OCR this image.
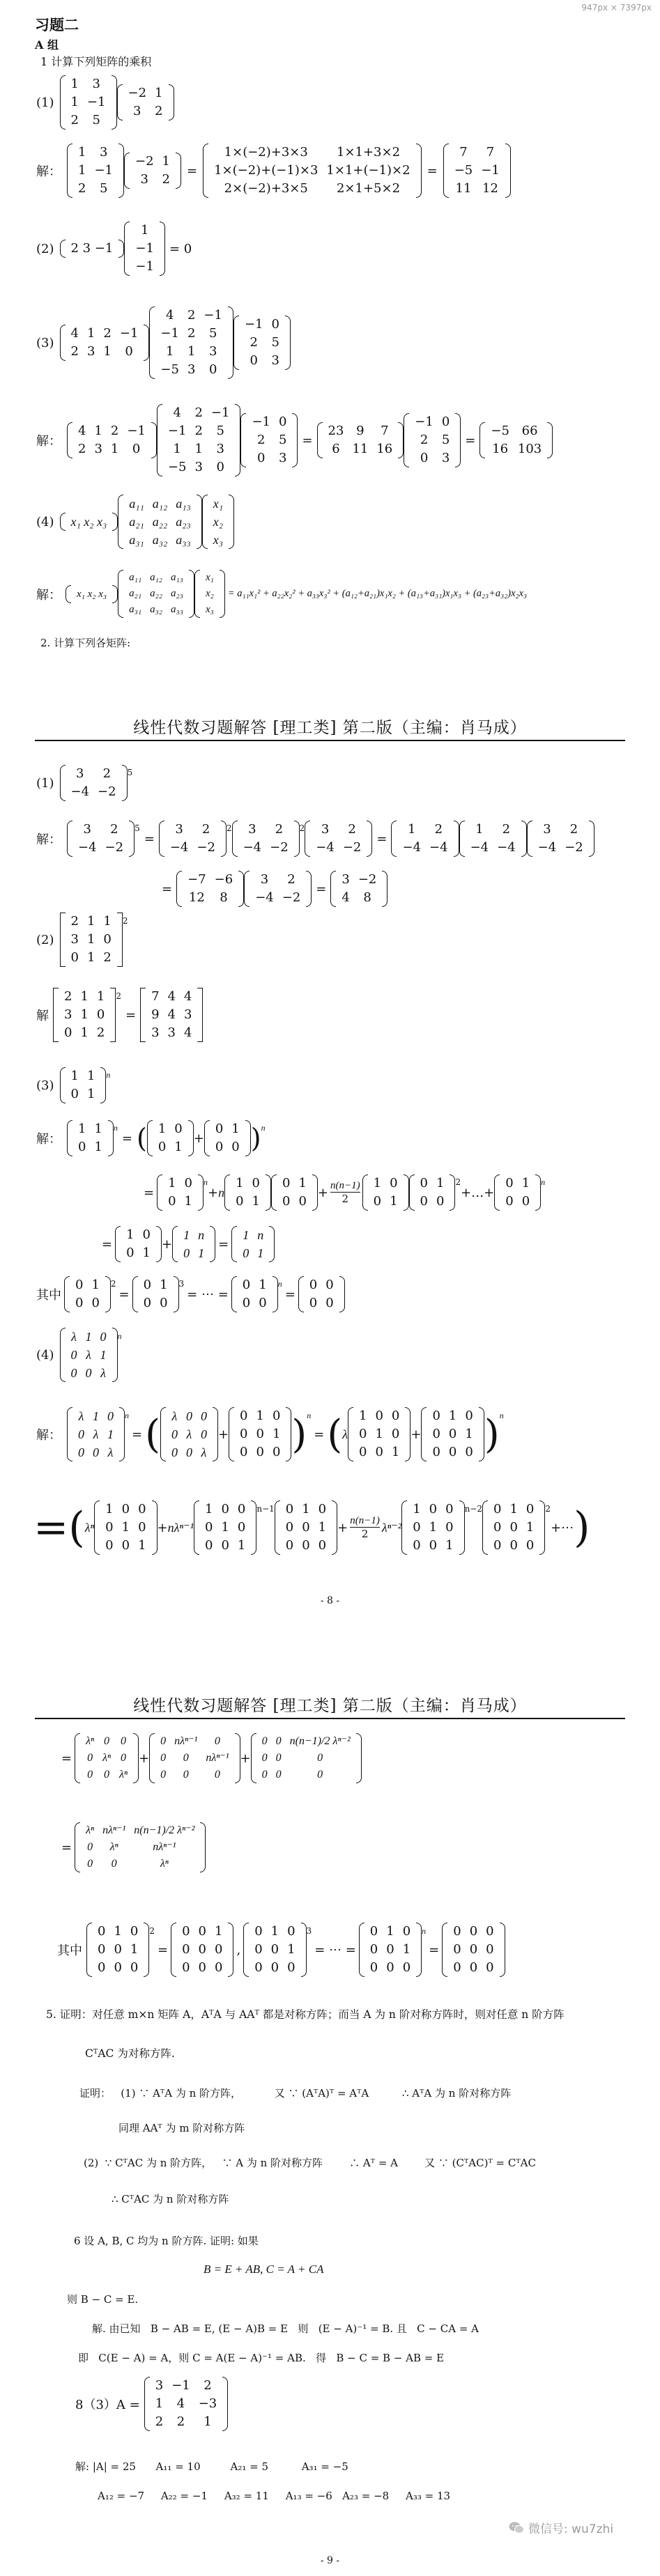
947px × 7397px
习题二
A 组
1 计算下列矩阵的乘积
(1)
1	3
1	−1
2	5
−2	1
3	2
解：
1	3
1	−1
2	5
−2	1
3	2
=
1×(−2)+3×3	1×1+3×2
1×(−2)+(−1)×3	1×1+(−1)×2
2×(−2)+3×5	2×1+5×2
=
7	7
−5	−1
11	12
(2) 2 3 −1
1
−1
−1
= 0
(3)
4	1	2	−1
2	3	1	0
4	2	−1
−1	2	5
1	1	3
−5	3	0
−1	0
2	5
0	3
解：
4	1	2	−1
2	3	1	0
4	2	−1
−1	2	5
1	1	3
−5	3	0
−1	0
2	5
0	3
=
23	9	7
6	11	16
−1	0
2	5
0	3
=
−5	66
16	103
(4) x₁ x₂ x₃
a₁₁	a₁₂	a₁₃
a₂₁	a₂₂	a₂₃
a₃₁	a₃₂	a₃₃
x₁
x₂
x₃
解： x₁ x₂ x₃
a₁₁	a₁₂	a₁₃
a₂₁	a₂₂	a₂₃
a₃₁	a₃₂	a₃₃
x₁
x₂
x₃
= a₁₁x₁² + a₂₂x₂² + a₃₃x₃² + (a₁₂+a₂₁)x₁x₂ + (a₁₃+a₃₁)x₁x₃ + (a₂₃+a₃₂)x₂x₃
2. 计算下列各矩阵:
线性代数习题解答 [理工类] 第二版（主编：肖马成）
(1)
3	2
−4	−2
5
解：
3	2
−4	−2
5
=
3	2
−4	−2
2 3	2
−4	−2
2 3	2
−4	−2
=
1	2
−4	−4
1	2
−4	−4
3	2
−4	−2
=
−7	−6
12	8
3	2
−4	−2
=
3	−2
4	8
(2)
2	1	1
3	1	0
0	1	2
2
解
2	1	1
3	1	0
0	1	2
2
=
7	4	4
9	4	3
3	3	4
(3)
1	1
0	1
n
解：
1	1
0	1
n
= ( 1	0
0	1
+
0	1
0	0 ) n
=
1	0
0	1
n
+ n
1	0
0	1
0	1
0	0
+ $\frac{n(n-1)}{2} 1$	0
0	1
0	1
0	0
2
+…+
0	1
0	0
n
=
1	0
0	1
+
1	n
0	1
=
1	n
0	1
其中
0	1
0	0
2
=
0	1
0	0
3
= ⋯ =
0	1
0	0
n
=
0	0
0	0
(4)
λ	1	0
0	λ	1
0	0	λ
n
解：
λ	1	0
0	λ	1
0	0	λ
n
= ( λ	0	0
0	λ	0
0	0	λ
+
0	1	0
0	0	1
0	0	0 ) n
= ( λ
1	0	0
0	1	0
0	0	1
+
0	1	0
0	0	1
0	0	0 ) n
=( λⁿ
1	0	0
0	1	0
0	0	1
+ nλⁿ⁻¹
1	0	0
0	1	0
0	0	1
n−1 0	1	0
0	0	1
0	0	0
+ $\frac{n(n-1)}{2} \lambda^{n-2}$
1	0	0
0	1	0
0	0	1
n−2 0	1	0
0	0	1
0	0	0
2
+⋯ )
- 8 -
线性代数习题解答 [理工类] 第二版（主编：肖马成）
=
λⁿ	0	0
0	λⁿ	0
0	0	λⁿ
+
0	nλⁿ⁻¹	0
0	0	nλⁿ⁻¹
0	0	0
+
0	0	n(n−1)/2 λⁿ⁻²
0	0	0
0	0	0
=
λⁿ	nλⁿ⁻¹	n(n−1)/2 λⁿ⁻²
0	λⁿ	nλⁿ⁻¹
0	0	λⁿ
其中
0	1	0
0	0	1
0	0	0
2
=
0	0	1
0	0	0
0	0	0
,
0	1	0
0	0	1
0	0	0
3
= ⋯ =
0	1	0
0	0	1
0	0	0
n
=
0	0	0
0	0	0
0	0	0
5. 证明：对任意 m×n 矩阵 A，AᵀA 与 AAᵀ 都是对称方阵；而当 A 为 n 阶对称方阵时，则对任意 n 阶方阵
CᵀAC 为对称方阵.
证明：   (1) ∵ AᵀA 为 n 阶方阵，          又 ∵ (AᵀA)ᵀ = AᵀA          ∴ AᵀA 为 n 阶对称方阵
同理 AAᵀ 为 m 阶对称方阵
(2)  ∵ CᵀAC 为 n 阶方阵，   ∵ A 为 n 阶对称方阵        ∴ Aᵀ = A        又 ∵ (CᵀAC)ᵀ = CᵀAC
∴ CᵀAC 为 n 阶对称方阵
6 设 A, B, C 均为 n 阶方阵. 证明: 如果
B = E + AB, C = A + CA
则 B − C = E.
解. 由已知   B − AB = E, (E − A)B = E   则   (E − A)⁻¹ = B. 且   C − CA = A
即   C(E − A) = A，则 C = A(E − A)⁻¹ = AB.   得   B − C = B − AB = E
8（3）A =
3	−1	2
1	4	−3
2	2	1
解: |A| = 25      A₁₁ = 10         A₂₁ = 5          A₃₁ = −5
A₁₂ = −7     A₂₂ = −1     A₃₂ = 11     A₁₃ = −6   A₂₃ = −8     A₃₃ = 13
微信号: wu7zhi
- 9 -
